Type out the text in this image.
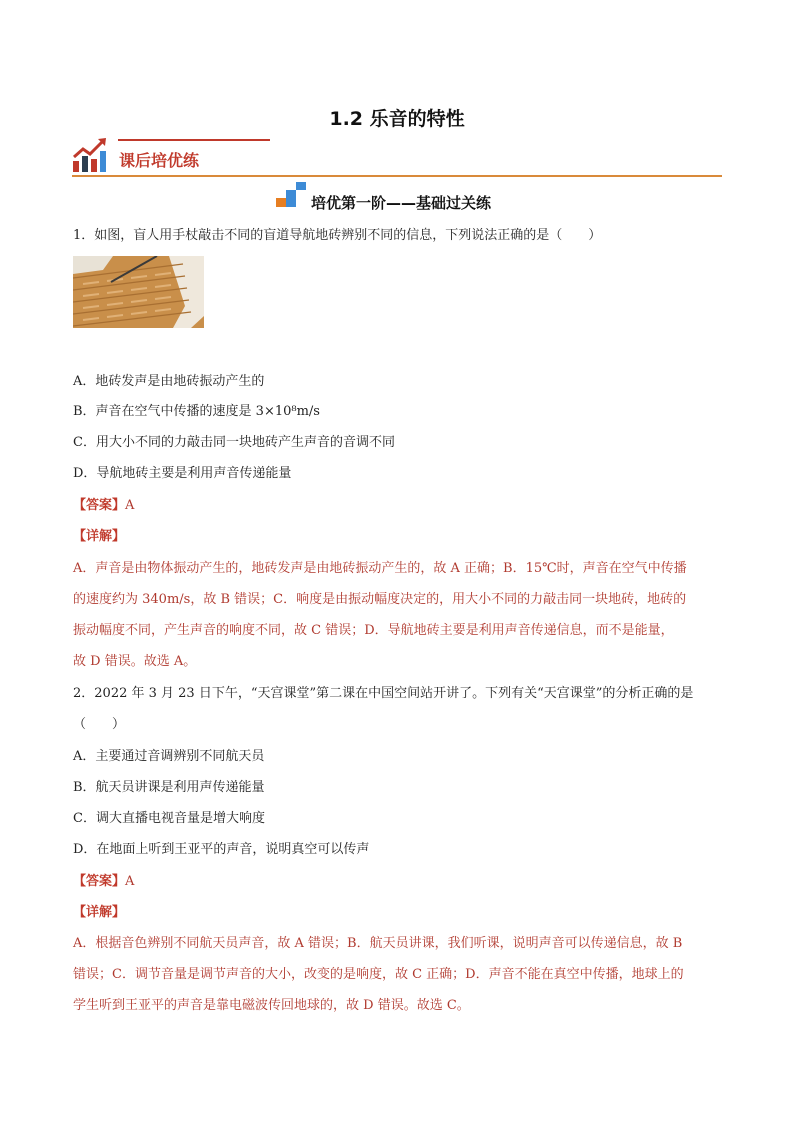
1.2 乐音的特性
课后培优练
培优第一阶——基础过关练
1．如图，盲人用手杖敲击不同的盲道导航地砖辨别不同的信息，下列说法正确的是（　　）
A．地砖发声是由地砖振动产生的
B．声音在空气中传播的速度是 3×10⁸m/s
C．用大小不同的力敲击同一块地砖产生声音的音调不同
D．导航地砖主要是利用声音传递能量
【答案】A
【详解】
A．声音是由物体振动产生的，地砖发声是由地砖振动产生的，故 A 正确；B．15℃时，声音在空气中传播
的速度约为 340m/s，故 B 错误；C．响度是由振动幅度决定的，用大小不同的力敲击同一块地砖，地砖的
振动幅度不同，产生声音的响度不同，故 C 错误；D．导航地砖主要是利用声音传递信息，而不是能量，
故 D 错误。故选 A。
2．2022 年 3 月 23 日下午，“天宫课堂”第二课在中国空间站开讲了。下列有关“天宫课堂”的分析正确的是
（　　）
A．主要通过音调辨别不同航天员
B．航天员讲课是利用声传递能量
C．调大直播电视音量是增大响度
D．在地面上听到王亚平的声音，说明真空可以传声
【答案】A
【详解】
A．根据音色辨别不同航天员声音，故 A 错误；B．航天员讲课，我们听课，说明声音可以传递信息，故 B
错误；C．调节音量是调节声音的大小，改变的是响度，故 C 正确；D．声音不能在真空中传播，地球上的
学生听到王亚平的声音是靠电磁波传回地球的，故 D 错误。故选 C。
